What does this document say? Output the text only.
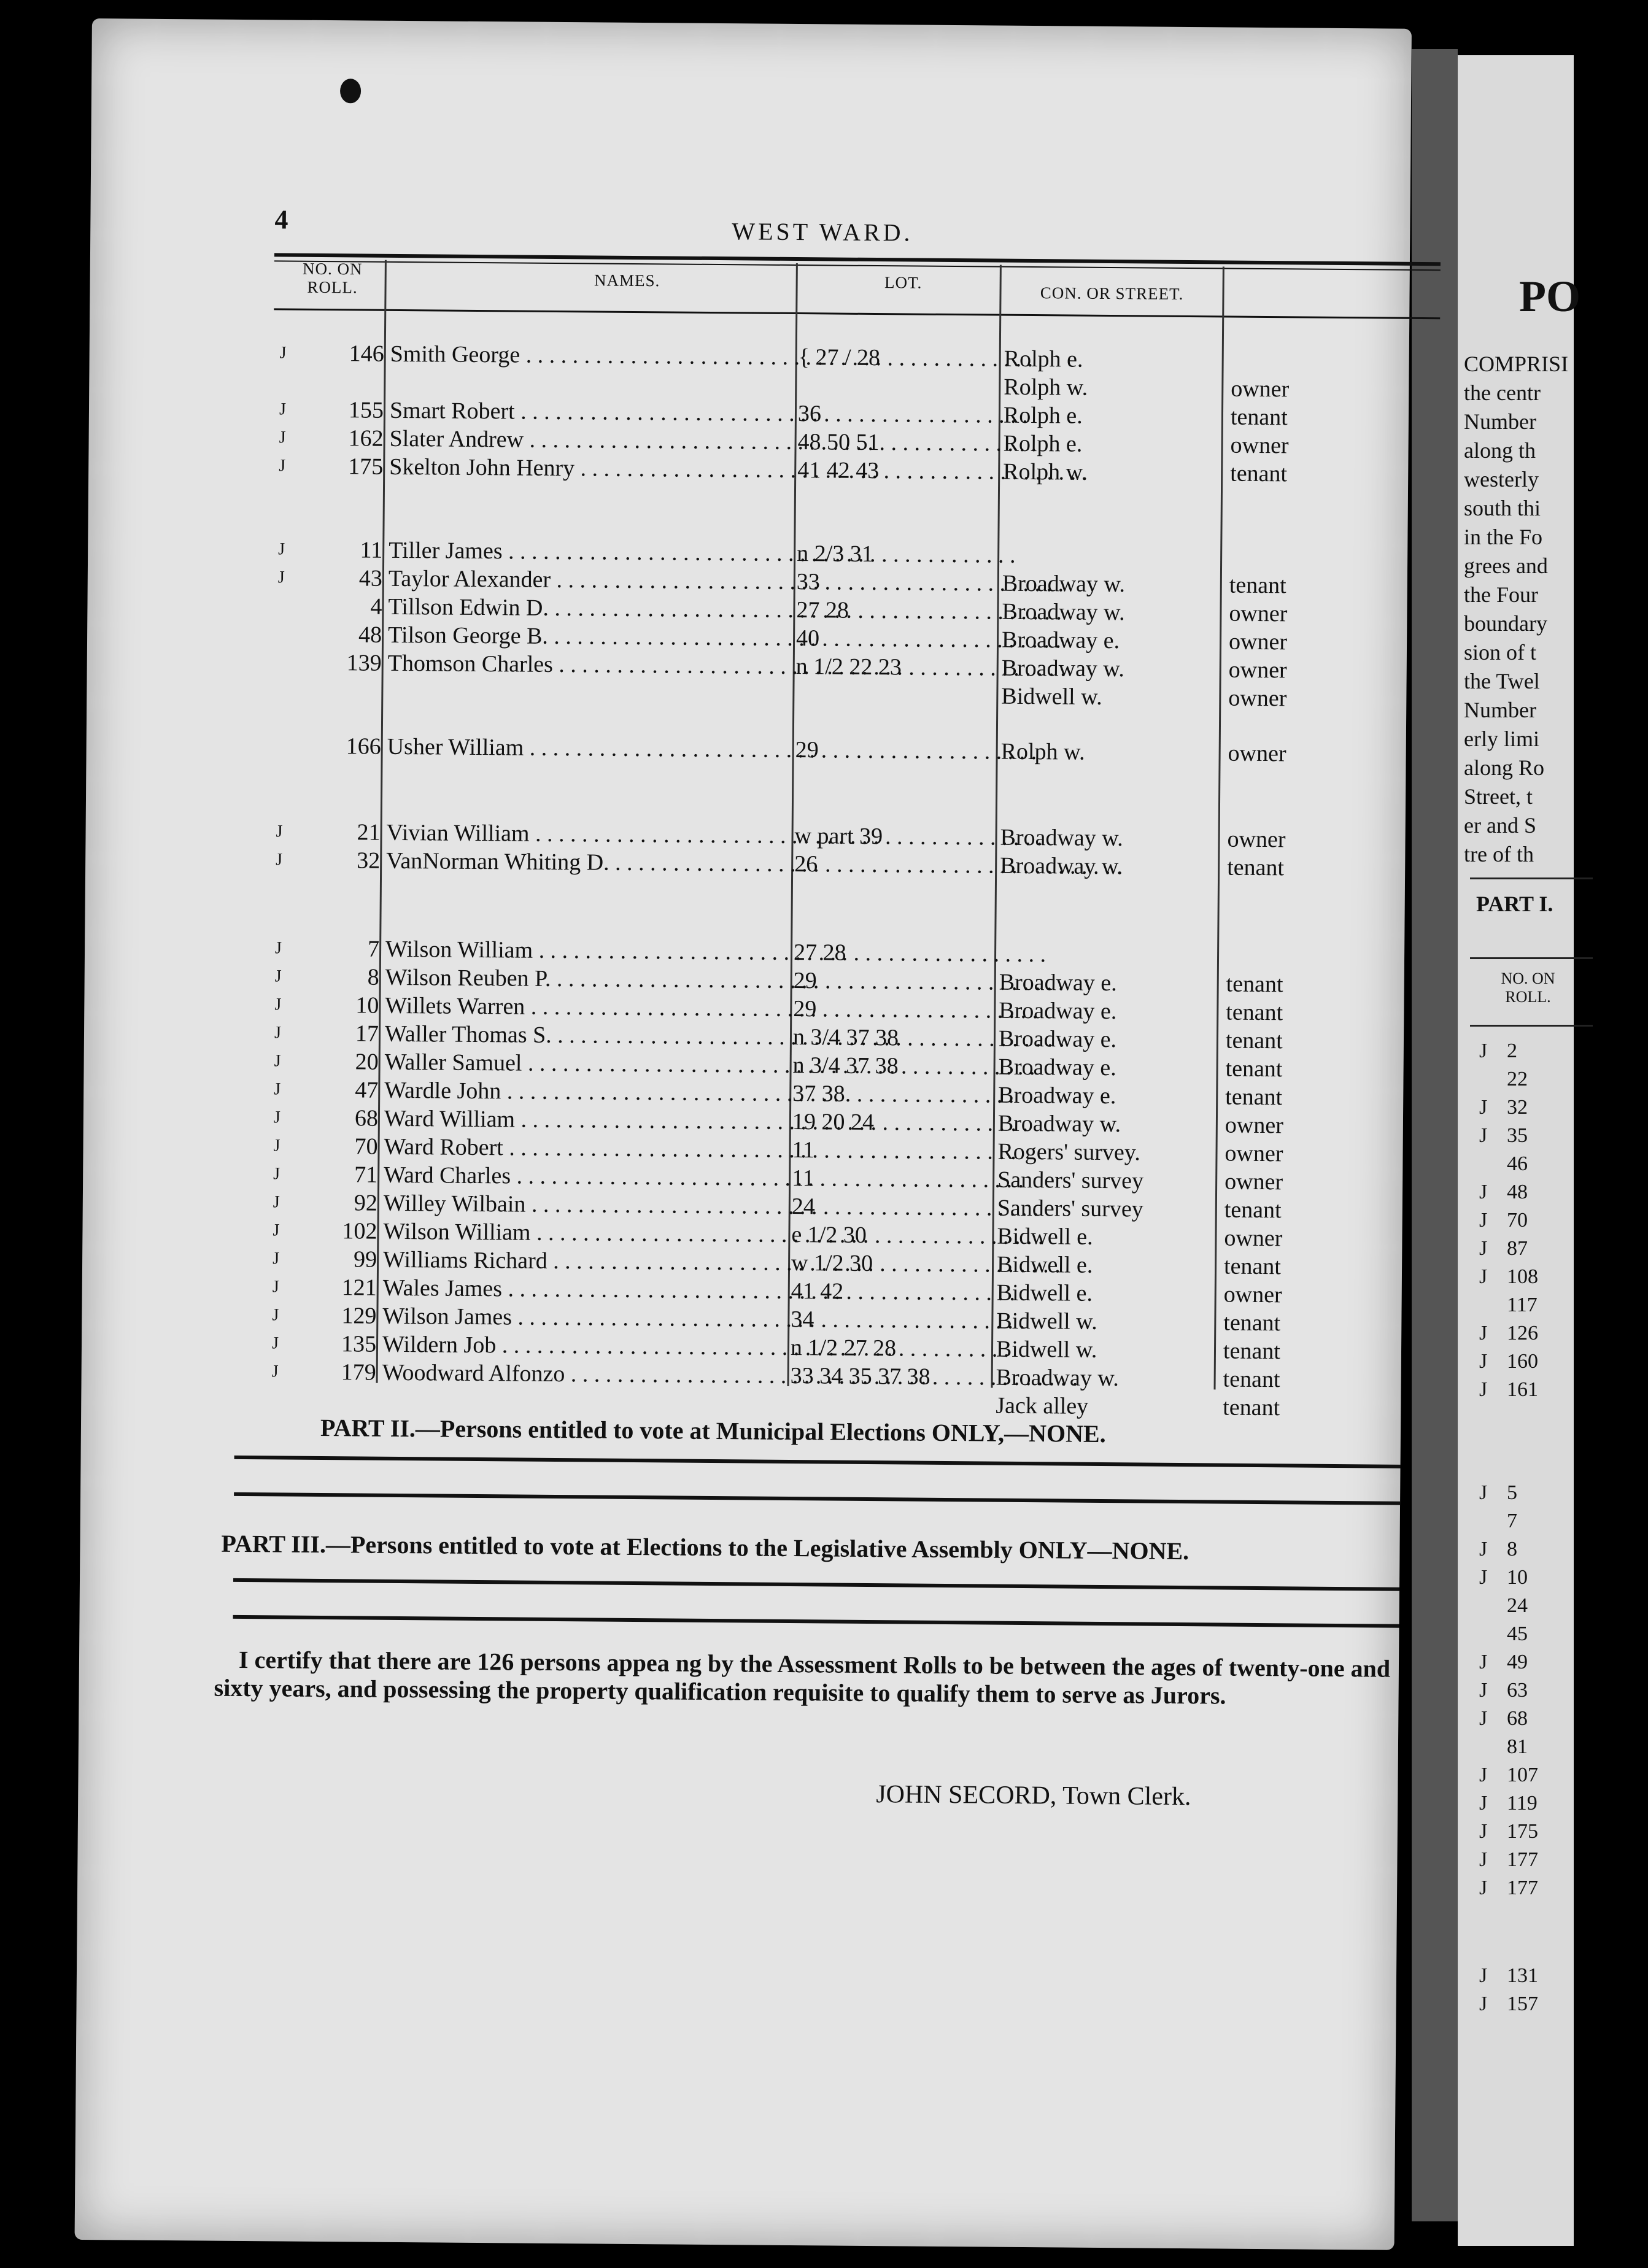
PO
COMPRISI
the centr
Number
along th
westerly
south thi
in the Fo
grees and
the Four
boundary
sion of t
the Twel
Number
erly limi
along Ro
Street, t
er and S
tre of th
PART I.
NO. ON ROLL.
J 2
22
J 32
J 35
46
J 48
J 70
J 87
J 108
117
J 126
J 160
J 161
J 5
7
J 8
J 10
24
45
J 49
J 63
J 68
81
J 107
J 119
J 175
J 177
J 177
J 131
J 157
4	WEST WARD.
NO. ON ROLL.	NAMES.	LOT.
CON. OR STREET.
J	146 Smith George . . .	{ 27 / 28	Rolph e.
Rolph w.	owner
J	155 Smart Robert . . .	36	Rolph e.	tenant
J	162 Slater Andrew . . .	48 50 51	Rolph e.	owner
J	175 Skelton John Henry . . .	41 42 43	Rolph w.	tenant
J	11 Tiller James . . .	n 2/3 31
J	43 Taylor Alexander . . .	33	Broadway w.	tenant
4 Tillson Edwin D. . . .	27 28	Broadway w.	owner
48 Tilson George B. . . .	40	Broadway e.	owner
139 Thomson Charles . . .	n 1/2 22 23	Broadway w.	owner
Bidwell w.	owner
166 Usher William . . .	29	Rolph w.	owner
J	21 Vivian William . . .	w part 39	Broadway w.	owner
J	32 VanNorman Whiting D. . . .	26	Broadway w.	tenant
J	7 Wilson William . . .	27 28
J	8 Wilson Reuben P. . . .	29	Broadway e.	tenant
J	10 Willets Warren . . .	29	Broadway e.	tenant
J	17 Waller Thomas S. . . .	n 3/4 37 38	Broadway e.	tenant
J	20 Waller Samuel . . .	n 3/4 37 38	Broadway e.	tenant
J	47 Wardle John . . .	37 38	Broadway e.	tenant
J	68 Ward William . . .	19 20 24	Broadway w.	owner
J	70 Ward Robert . . .	11	Rogers' survey.	owner
J	71 Ward Charles . . .	11	Sanders' survey	owner
J	92 Willey Wilbain . . .	24	Sanders' survey	tenant
J	102 Wilson William . . .	e 1/2 30	Bidwell e.	owner
J	99 Williams Richard . . .	w 1/2 30	Bidwell e.	tenant
J	121 Wales James . . .	41 42	Bidwell e.	owner
J	129 Wilson James . . .	34	Bidwell w.	tenant
J	135 Wildern Job . . .	n 1/2 27 28	Bidwell w.	tenant
J	179 Woodward Alfonzo . . .	33 34 35 37 38	Broadway w.	tenant
Jack alley	tenant
PART II.—Persons entitled to vote at Municipal Elections ONLY,—NONE.
PART III.—Persons entitled to vote at Elections to the Legislative Assembly ONLY—NONE.

I certify that there are 126 persons appea ng by the Assessment Rolls to be between the ages of twenty-one and sixty years, and possessing the property qualification requisite to qualify them to serve as Jurors.

JOHN SECORD, Town Clerk.
